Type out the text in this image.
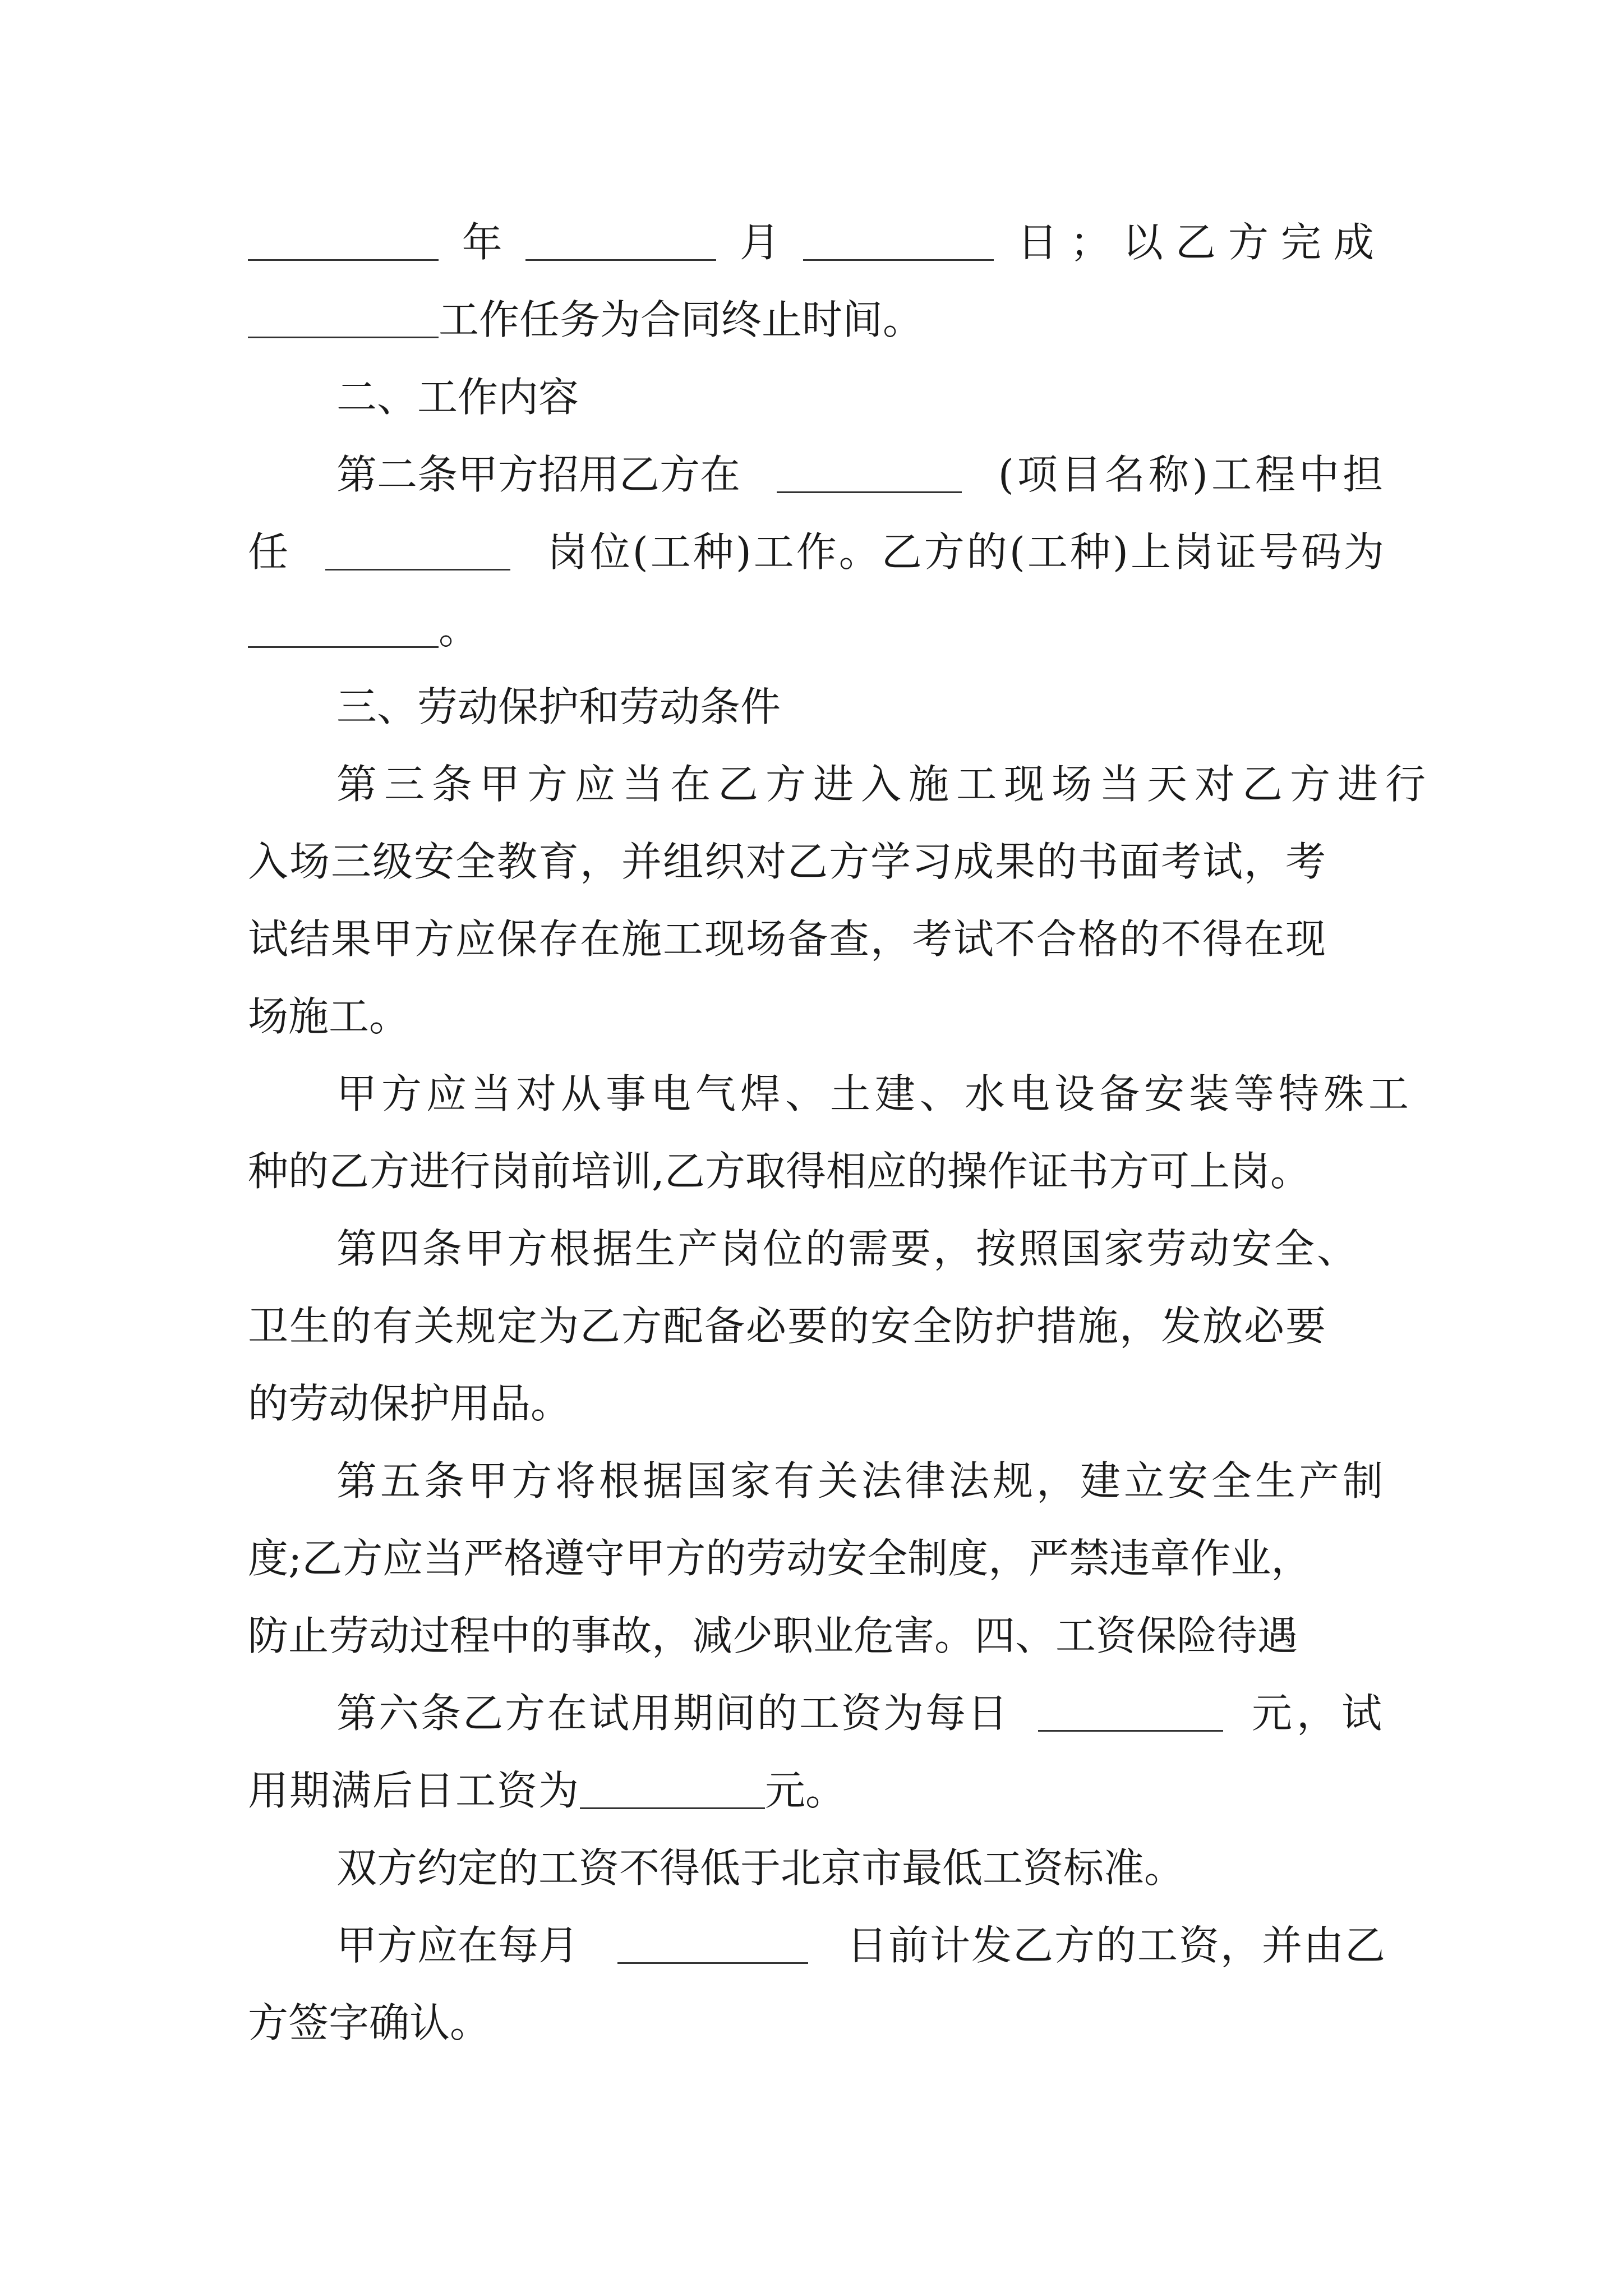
年	月	日；以乙方完成
工作任务为合同终止时间。
二、工作内容
第二条甲方招用乙方在	(项目名称)工程中担
任	岗位(工种)工作。乙方的(工种)上岗证号码为
。
三、劳动保护和劳动条件
第三条甲方应当在乙方进入施工现场当天对乙方进行
入场三级安全教育，并组织对乙方学习成果的书面考试，考
试结果甲方应保存在施工现场备查，考试不合格的不得在现
场施工。
甲方应当对从事电气焊、土建、水电设备安装等特殊工
种的乙方进行岗前培训,乙方取得相应的操作证书方可上岗。
第四条甲方根据生产岗位的需要，按照国家劳动安全、
卫生的有关规定为乙方配备必要的安全防护措施，发放必要
的劳动保护用品。
第五条甲方将根据国家有关法律法规，建立安全生产制
度;乙方应当严格遵守甲方的劳动安全制度，严禁违章作业，
防止劳动过程中的事故，减少职业危害。四、工资保险待遇
第六条乙方在试用期间的工资为每日	元，试
用期满后日工资为	元。
双方约定的工资不得低于北京市最低工资标准。
甲方应在每月	日前计发乙方的工资，并由乙
方签字确认。
